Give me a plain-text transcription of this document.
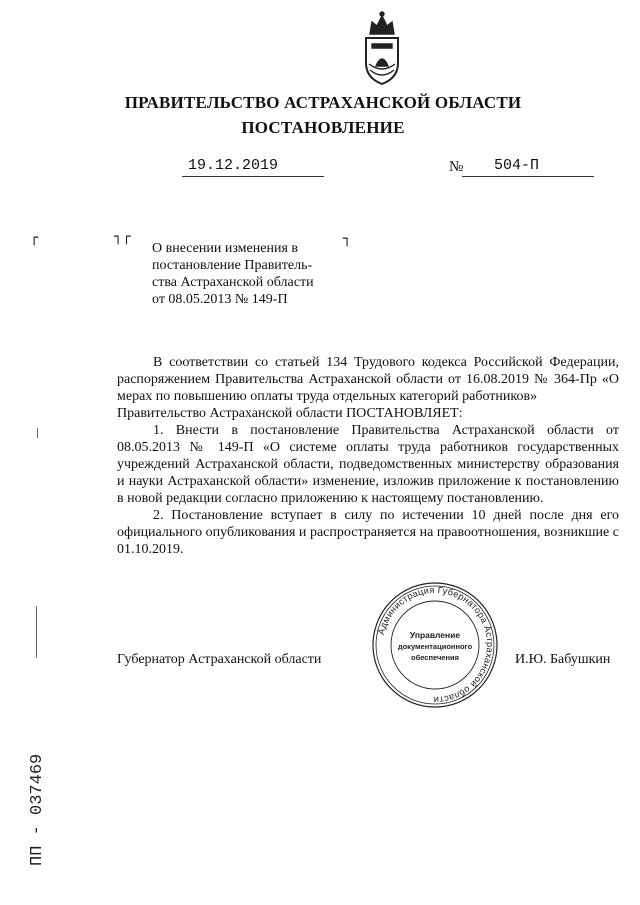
ПРАВИТЕЛЬСТВО АСТРАХАНСКОЙ ОБЛАСТИ
ПОСТАНОВЛЕНИЕ
19.12.2019	№ 504-П
┌	┐┌	┐
О внесении изменения в
постановление Правитель-
ства Астраханской области
от 08.05.2013 № 149-П

В соответствии со статьей 134 Трудового кодекса Российской Федерации, распоряжением Правительства Астраханской области от 16.08.2019 № 364-Пр «О мерах по повышению оплаты труда отдельных категорий работников»

Правительство Астраханской области ПОСТАНОВЛЯЕТ:

1. Внести в постановление Правительства Астраханской области от 08.05.2013 № 149-П «О системе оплаты труда работников государственных учреждений Астраханской области, подведомственных министерству образования и науки Астраханской области» изменение, изложив приложение к постановлению в новой редакции согласно приложению к настоящему постановлению.

2. Постановление вступает в силу по истечении 10 дней после дня его официального опубликования и распространяется на правоотношения, возникшие с 01.10.2019.

Губернатор Астраханской области	И.Ю. Бабушкин
Администрация Губернатора Астраханской области
Управление
документационного
обеспечения
ПП - 037469
